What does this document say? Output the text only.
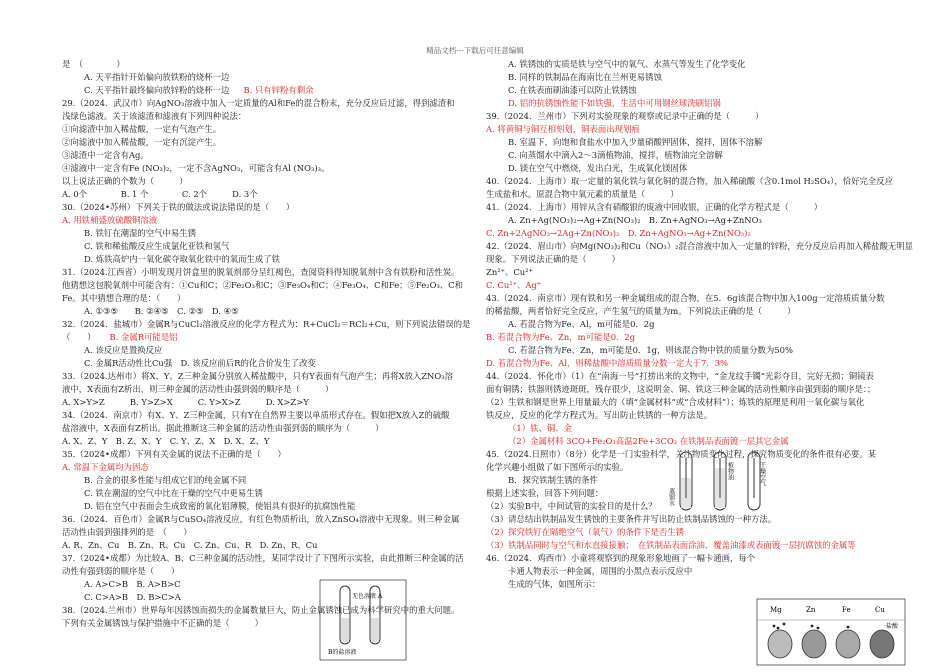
精品文档---下载后可任意编辑
是　（　　　　）
A. 天平指针开始偏向放铁粉的烧杯一边
C. 天平指针最终偏向放锌粉的烧杯一边 B. 只有锌粉有剩余
29.（2024．武汉市）向AgNO₃溶液中加入一定质量的Al和Fe的混合粉末，充分反应后过滤，得到滤渣和
浅绿色滤液。关于该滤渣和滤液有下列四种说法：
①向滤渣中加入稀盐酸，一定有气泡产生。
②向滤液中加入稀盐酸，一定有沉淀产生。
③滤渣中一定含有Ag。
④滤液中一定含有Fe (NO₃)₂，一定不含AgNO₃，可能含有Al (NO₃)₃。
以上说法正确的个数为（　　　）
A. 0个　　　　B. 1 个　　　　C. 2个　　　D. 3个
30.（2024•苏州）下列关于铁的做法或说法错误的是（　　）
A. 用铁桶盛放硫酸铜溶液
B. 铁钉在潮湿的空气中易生锈
C. 铁和稀盐酸反应生成氯化亚铁和氢气
D. 炼铁高炉内一氧化碳夺取氧化铁中的氧而生成了铁
31.（2024.江西省）小明发现月饼盒里的脱氧剂部分呈红褐色，查阅资料得知脱氧剂中含有铁粉和活性炭。
他猜想这包脱氧剂中可能含有：①Cu和C；②Fe₂O₃和C；③Fe₃O₄和C；④Fe₃O₄、C和Fe；⑤Fe₂O₃、C和
Fe。其中猜想合理的是：（　　）
A. ①③⑤　　B. ②④⑤　C. ②⑤　D. ④⑤
32.（2024．盐城市）金属R与CuCl₂溶液反应的化学方程式为：R+CuCl₂＝RCl₂+Cu，则下列说法错误的是
（　　） B. 金属R可能是铝
A. 该反应是置换反应
C. 金属R活动性比Cu强　D. 该反应前后R的化合价发生了改变
33.（2024.达州市）将X、Y、Z三种金属分别放入稀盐酸中，只有Y表面有气泡产生；再将X放入ZNO₃溶
液中，X表面有Z析出，则三种金属的活动性由强到弱的顺序是（　　　）
A. X>Y>Z　　　B. Y>Z>X　　　C. Y>X>Z　　　D. X>Z>Y
34.（2024．南京市）有X、Y、Z三种金属，只有Y在自然界主要以单质形式存在。假如把X放入Z的硫酸
盐溶液中，X表面有Z析出。据此推断这三种金属的活动性由强到弱的顺序为（　　　）
A. X、Z、Y　B. Z、X、Y　C. Y、Z、X　D. X、Z、Y
35.（2024•成都）下列有关金属的说法不正确的是（　　）
A. 常温下金属均为固态
B. 合金的很多性能与组成它们的纯金属不同
C. 铁在潮湿的空气中比在干燥的空气中更易生锈
D. 铝在空气中表面会生成致密的氧化铝薄膜，使铝具有很好的抗腐蚀性能
36.（2024．百色市）金属R与CuSO₄溶液反应，有红色物质析出，放入ZnSO₄溶液中无现象。则三种金属
活动性由弱到强排列的是　（　　）
A. R、Zn、Cu　B. Zn、R、Cu　C. Zn、Cu、R　D. Zn、R、Cu
37.（2024•成都）为比较A、B、C三种金属的活动性，某同学设计了下图所示实验，由此推断三种金属的活
动性有强到弱的顺序是（　　）
A. A>C>B　B. A>B>C
C. C>A>B　D. B>C>A
38.（2024.兰州市）世界每年因锈蚀而损失的金属数量巨大，防止金属锈蚀已成为科学研究中的重大问题。
下列有关金属锈蚀与保护措施中不正确的是（　　　）
A. 铁锈蚀的实质是铁与空气中的氧气、水蒸气等发生了化学变化
B. 同样的铁制品在海南比在兰州更易锈蚀
C. 在铁表面刷油漆可以防止铁锈蚀
D. 铝的抗锈蚀性能不如铁强，生活中可用钢丝球洗刷铝锅
39.（2024．兰州市）下列对实验现象的观察或记录中正确的是（　　　）
A. 将黄铜与铜互相刻划，铜表面出现划痕
B. 室温下，向饱和食盐水中加入少量硝酸钾固体，搅拌，固体不溶解
C. 向蒸馏水中滴入2～3滴植物油，搅拌，植物油完全溶解
D. 镁在空气中燃烧，发出白光，生成氧化镁固体
40.（2024．上海市）取一定量的氧化铁与氧化铜的混合物，加入稀硫酸（含0.1mol H₂SO₄），恰好完全反应
生成盐和水。原混合物中氧元素的质量是（　　　）
41.（2024．上海市）用锌从含有硝酸银的废液中回收银，正确的化学方程式是（　　　）
A. Zn+Ag(NO₃)₂→Ag+Zn(NO₃)₂　B. Zn+AgNO₃→Ag+ZnNO₃
C. Zn+2AgNO₃→2Ag+Zn(NO₃)₂　D. Zn+AgNO₃→Ag+Zn(NO₃)₂
42.（2024．眉山市）向Mg(NO₃)₂和Cu（NO₃）₂混合溶液中加入一定量的锌粉，充分反应后再加入稀盐酸无明显
现象。下列说法正确的是（　　　）
Zn²⁺、Cu²⁺
C. Cu²⁺、Ag⁺
43.（2024．南京市）现有铁和另一种金属组成的混合物，在5．6g该混合物中加入100g一定溶质质量分数
的稀盐酸，两者恰好完全反应，产生氢气的质量为m。下列说法正确的是（　　　）
A. 若混合物为Fe、Al，m可能是0．2g
B. 若混合物为Fe、Zn，m可能是0．2g
C. 若混合物为Fe、Zn，m可能是0．1g，则该混合物中铁的质量分数为50%
D. 若混合物为Fe、Al，则稀盐酸中溶质质量分数一定大于7．3%
44.（2024．怀化市）（1）在“南海一号”打捞出来的文物中，“金龙纹手镯”光彩夺目，完好无损；铜镜表
面有铜锈；铁器则锈迹斑斑，残存很少，这说明金、铜、铁这三种金属的活动性顺序由强到弱的顺序是：；
（2）生铁和钢是世界上用量最大的（填“金属材料”或“合成材料”）；炼铁的原理是利用一氧化碳与氧化
铁反应，反应的化学方程式为。写出防止铁锈的一种方法是。
（1）铁、铜、金
（2）金属材料 3CO+Fe₂O₃高温2Fe+3CO₂ 在铁制品表面镀一层其它金属
45.（2024.日照市）（8分）化学是一门实验科学，关注物质变化过程，探究物质变化的条件很有必要。某
化学兴趣小组做了如下图所示的实验。
B．探究铁制生锈的条件
根据上述实验，回答下列问题：
（2）实验B中，中间试管的实验目的是什么？
（3）请总结出铁制品发生锈蚀的主要条件并写出防止铁制品锈蚀的一种方法。
（2）探究铁钉在隔绝空气（氧气）的条件下是否生锈
（3）铁制品同时与空气和水直接接触；　在铁制品表面涂油、覆盖油漆或表面镀一层抗腐蚀的金属等
46.（2024．鸡西市）小童将观察到的现象形象地画了一幅卡通画，每个
卡通人物表示一种金属，周围的小黑点表示反应中
生成的气体，如图所示：
无色溶液 A
B的盐溶液
蒸馏水
植物油	干燥空气
Mg	Zn	Fe	Cu
盐酸
